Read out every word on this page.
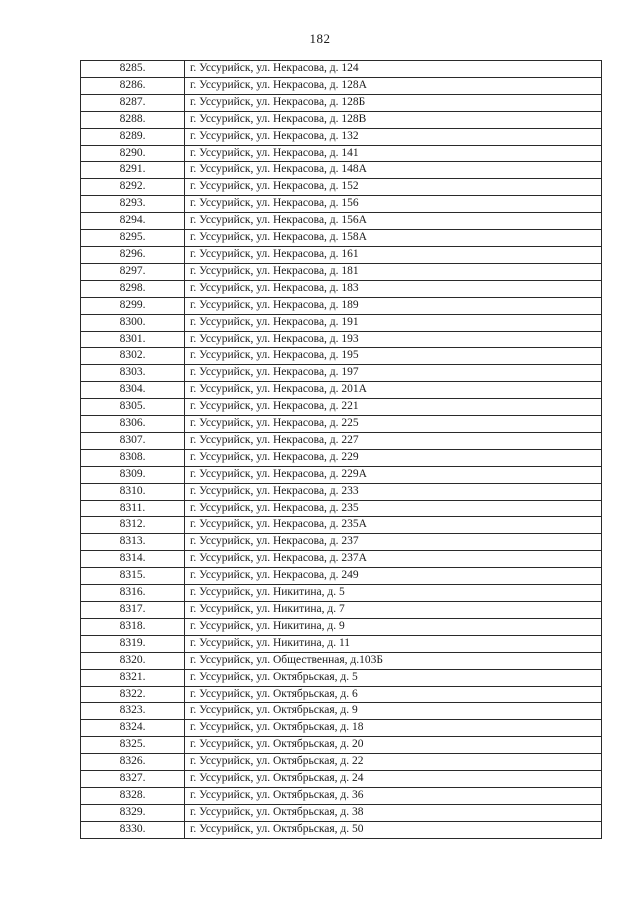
182
8285.	г. Уссурийск, ул. Некрасова, д. 124
8286.	г. Уссурийск, ул. Некрасова, д. 128А
8287.	г. Уссурийск, ул. Некрасова, д. 128Б
8288.	г. Уссурийск, ул. Некрасова, д. 128В
8289.	г. Уссурийск, ул. Некрасова, д. 132
8290.	г. Уссурийск, ул. Некрасова, д. 141
8291.	г. Уссурийск, ул. Некрасова, д. 148А
8292.	г. Уссурийск, ул. Некрасова, д. 152
8293.	г. Уссурийск, ул. Некрасова, д. 156
8294.	г. Уссурийск, ул. Некрасова, д. 156А
8295.	г. Уссурийск, ул. Некрасова, д. 158А
8296.	г. Уссурийск, ул. Некрасова, д. 161
8297.	г. Уссурийск, ул. Некрасова, д. 181
8298.	г. Уссурийск, ул. Некрасова, д. 183
8299.	г. Уссурийск, ул. Некрасова, д. 189
8300.	г. Уссурийск, ул. Некрасова, д. 191
8301.	г. Уссурийск, ул. Некрасова, д. 193
8302.	г. Уссурийск, ул. Некрасова, д. 195
8303.	г. Уссурийск, ул. Некрасова, д. 197
8304.	г. Уссурийск, ул. Некрасова, д. 201А
8305.	г. Уссурийск, ул. Некрасова, д. 221
8306.	г. Уссурийск, ул. Некрасова, д. 225
8307.	г. Уссурийск, ул. Некрасова, д. 227
8308.	г. Уссурийск, ул. Некрасова, д. 229
8309.	г. Уссурийск, ул. Некрасова, д. 229А
8310.	г. Уссурийск, ул. Некрасова, д. 233
8311.	г. Уссурийск, ул. Некрасова, д. 235
8312.	г. Уссурийск, ул. Некрасова, д. 235А
8313.	г. Уссурийск, ул. Некрасова, д. 237
8314.	г. Уссурийск, ул. Некрасова, д. 237А
8315.	г. Уссурийск, ул. Некрасова, д. 249
8316.	г. Уссурийск, ул. Никитина, д. 5
8317.	г. Уссурийск, ул. Никитина, д. 7
8318.	г. Уссурийск, ул. Никитина, д. 9
8319.	г. Уссурийск, ул. Никитина, д. 11
8320.	г. Уссурийск, ул. Общественная, д.103Б
8321.	г. Уссурийск, ул. Октябрьская, д. 5
8322.	г. Уссурийск, ул. Октябрьская, д. 6
8323.	г. Уссурийск, ул. Октябрьская, д. 9
8324.	г. Уссурийск, ул. Октябрьская, д. 18
8325.	г. Уссурийск, ул. Октябрьская, д. 20
8326.	г. Уссурийск, ул. Октябрьская, д. 22
8327.	г. Уссурийск, ул. Октябрьская, д. 24
8328.	г. Уссурийск, ул. Октябрьская, д. 36
8329.	г. Уссурийск, ул. Октябрьская, д. 38
8330.	г. Уссурийск, ул. Октябрьская, д. 50
